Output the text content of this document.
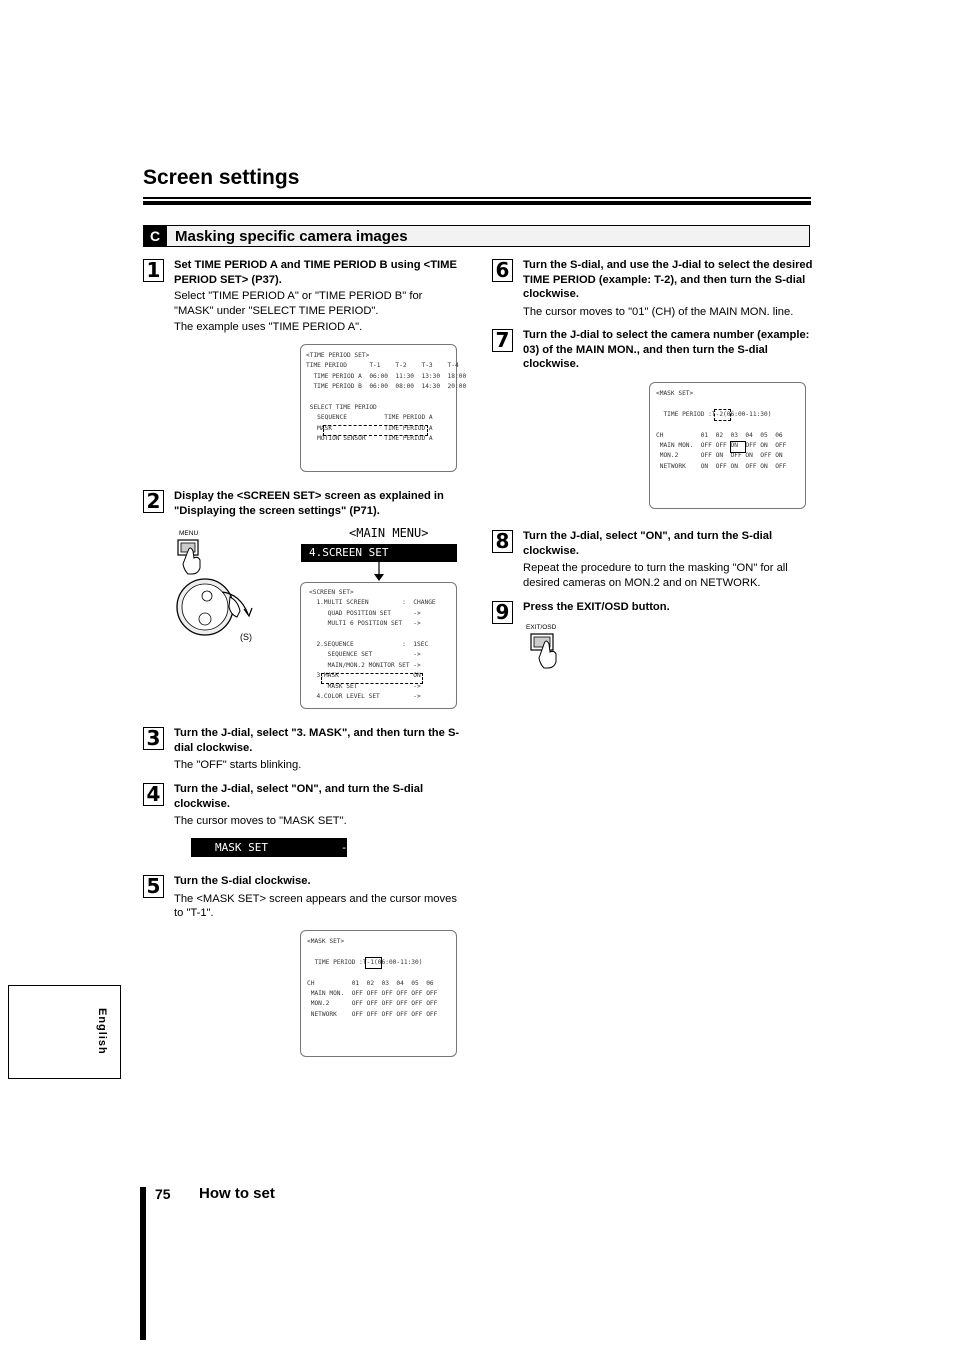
Screen settings
C Masking specific camera images
1	Set TIME PERIOD A and TIME PERIOD B using <TIME PERIOD SET> (P37).
Select "TIME PERIOD A" or "TIME PERIOD B" for "MASK" under "SELECT TIME PERIOD".
The example uses "TIME PERIOD A".
<TIME PERIOD SET>
TIME PERIOD      T-1    T-2    T-3    T-4
TIME PERIOD A  06:00  11:30  13:30  18:00
TIME PERIOD B  06:00  08:00  14:30  20:00

SELECT TIME PERIOD
SEQUENCE          TIME PERIOD A
MASK              TIME PERIOD A
MOTION SENSOR     TIME PERIOD A
2	Display the <SCREEN SET> screen as explained in "Displaying the screen settings" (P71).
MENU
(S)
<MAIN MENU>
4.SCREEN SET
<SCREEN SET>
1.MULTI SCREEN         :  CHANGE
QUAD POSITION SET      ->
MULTI 6 POSITION SET   ->

2.SEQUENCE             :  1SEC
SEQUENCE SET           ->
MAIN/MON.2 MONITOR SET ->
3.MASK                    ON
MASK SET               ->
4.COLOR LEVEL SET         ->
3	Turn the J-dial, select "3. MASK", and then turn the S-dial clockwise.
The "OFF" starts blinking.
4	Turn the J-dial, select "ON", and turn the S-dial clockwise.
The cursor moves to "MASK SET".
MASK SET           ->
5	Turn the S-dial clockwise.
The <MASK SET> screen appears and the cursor moves to "T-1".
<MASK SET>

TIME PERIOD :T-1(06:00-11:30)

CH          01  02  03  04  05  06
MAIN MON.  OFF OFF OFF OFF OFF OFF
MON.2      OFF OFF OFF OFF OFF OFF
NETWORK    OFF OFF OFF OFF OFF OFF
6	Turn the S-dial, and use the J-dial to select the desired TIME PERIOD (example: T-2), and then turn the S-dial clockwise.
The cursor moves to "01" (CH) of the MAIN MON. line.
7	Turn the J-dial to select the camera number (example: 03) of the MAIN MON., and then turn the S-dial clockwise.
<MASK SET>

TIME PERIOD :T-2(06:00-11:30)

CH          01  02  03  04  05  06
MAIN MON.  OFF OFF ON  OFF ON  OFF
MON.2      OFF ON  OFF ON  OFF ON
NETWORK    ON  OFF ON  OFF ON  OFF
8	Turn the J-dial, select "ON", and turn the S-dial clockwise.
Repeat the procedure to turn the masking "ON" for all desired cameras on MON.2 and on NETWORK.
9	Press the EXIT/OSD button.
EXIT/OSD
English
75 How to set
